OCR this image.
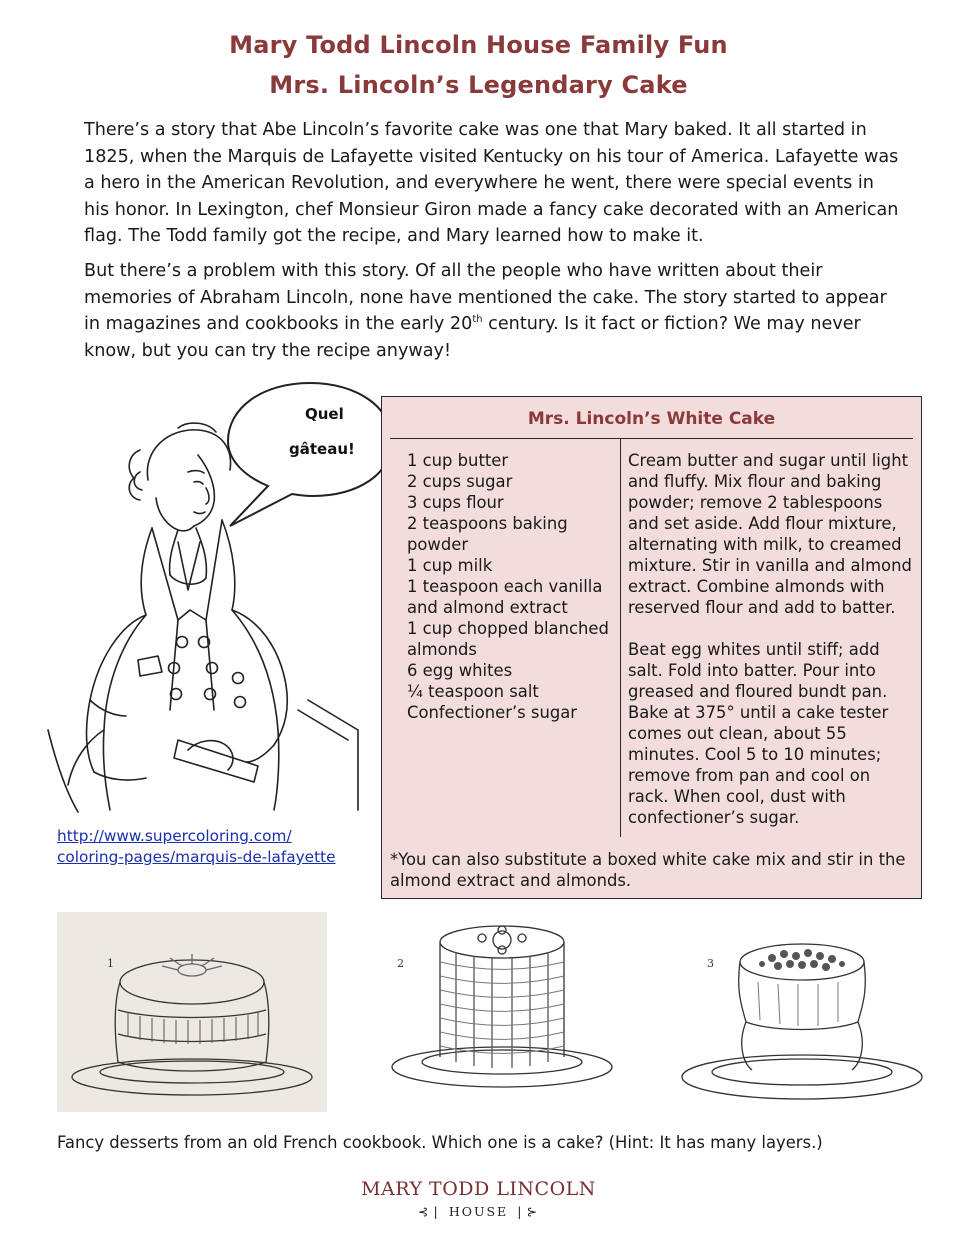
Mary Todd Lincoln House Family Fun
Mrs. Lincoln’s Legendary Cake

There’s a story that Abe Lincoln’s favorite cake was one that Mary baked. It all started in 1825, when the Marquis de Lafayette visited Kentucky on his tour of America. Lafayette was a hero in the American Revolution, and everywhere he went, there were special events in his honor. In Lexington, chef Monsieur Giron made a fancy cake decorated with an American flag. The Todd family got the recipe, and Mary learned how to make it.

But there’s a problem with this story. Of all the people who have written about their memories of Abraham Lincoln, none have mentioned the cake. The story started to appear in magazines and cookbooks in the early 20th century. Is it fact or fiction? We may never know, but you can try the recipe anyway!

Quel
gâteau!
http://www.supercoloring.com/
coloring-pages/marquis-de-lafayette
Mrs. Lincoln’s White Cake
1 cup butter
2 cups sugar
3 cups flour
2 teaspoons baking powder
1 cup milk
1 teaspoon each vanilla and almond extract
1 cup chopped blanched almonds
6 egg whites
¼ teaspoon salt
Confectioner’s sugar

Cream butter and sugar until light and fluffy. Mix flour and baking powder; remove 2 tablespoons and set aside. Add flour mixture, alternating with milk, to creamed mixture. Stir in vanilla and almond extract. Combine almonds with reserved flour and add to batter.

Beat egg whites until stiff; add salt. Fold into batter. Pour into greased and floured bundt pan. Bake at 375° until a cake tester comes out clean, about 55 minutes. Cool 5 to 10 minutes; remove from pan and cool on rack. When cool, dust with confectioner’s sugar.

*You can also substitute a boxed white cake mix and stir in the almond extract and almonds.
1	2	3
Fancy desserts from an old French cookbook. Which one is a cake? (Hint: It has many layers.)
MARY TODD LINCOLN
⊰❘ HOUSE ❘⊱
